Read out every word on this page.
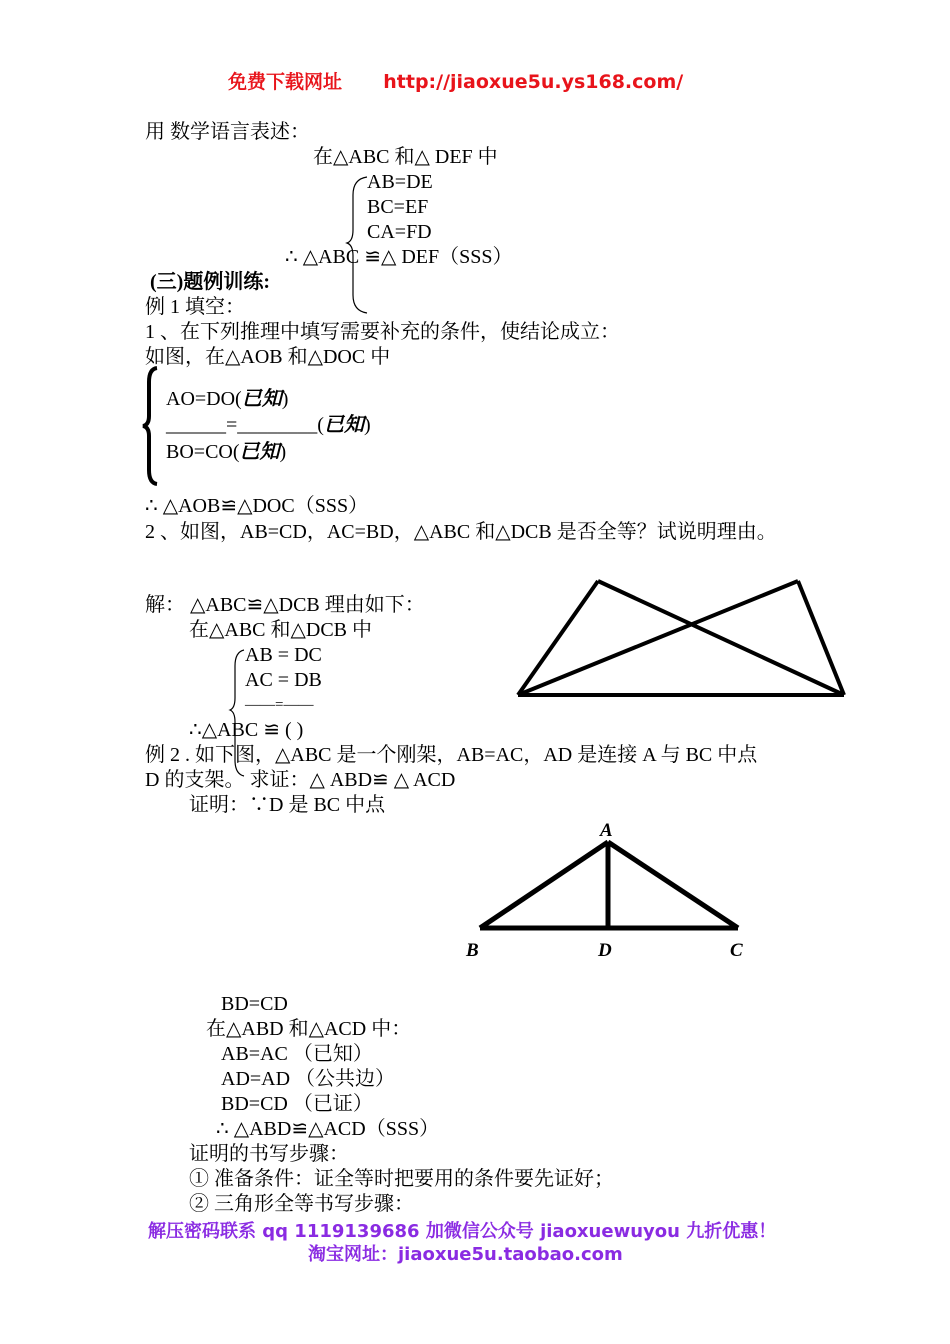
免费下载网址 http://jiaoxue5u.ys168.com/
用 数学语言表述：
在△ABC 和△ DEF 中
AB=DE
BC=EF
CA=FD
∴ △ABC ≌△ DEF（SSS）
(三)题例训练:
例 1 填空：
1 、在下列推理中填写需要补充的条件，使结论成立：
如图，在△AOB 和△DOC 中
AO=DO(已知)
______=________(已知)
BO=CO(已知)
∴ △AOB≌△DOC（SSS）
2 、如图，AB=CD，AC=BD，△ABC 和△DCB 是否全等？试说明理由。
解： △ABC≌△DCB 理由如下：
在△ABC 和△DCB 中
AB = DC
AC = DB
——=——
∴△ABC ≌ ( )
例 2 . 如下图，△ABC 是一个刚架，AB=AC，AD 是连接 A 与 BC 中点
D 的支架。 求证：△ ABD≌ △ ACD
证明：∵D 是 BC 中点
A
B	D	C
BD=CD
在△ABD 和△ACD 中：
AB=AC （已知）
AD=AD （公共边）
BD=CD （已证）
∴ △ABD≌△ACD（SSS）
证明的书写步骤：
① 准备条件：证全等时把要用的条件要先证好；
② 三角形全等书写步骤：
解压密码联系 qq 1119139686 加微信公众号 jiaoxuewuyou 九折优惠！
淘宝网址：jiaoxue5u.taobao.com
